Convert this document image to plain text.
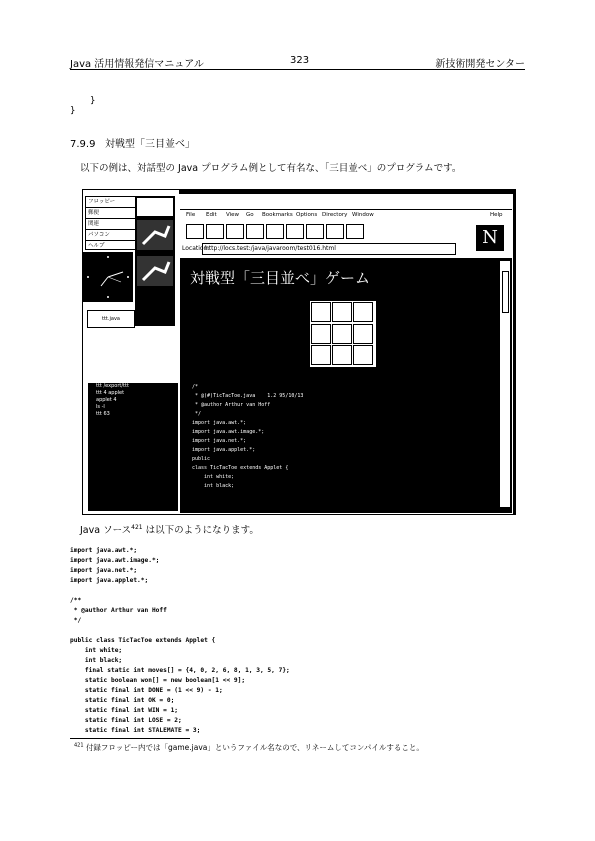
Java 活用情報発信マニュアル	323	新技術開発センター
}
}
7.9.9 対戦型「三目並べ」
以下の例は、対話型の Java プログラム例として有名な、「三目並べ」のプログラムです。
フロッピー
郵便
関連
パソコン
ヘルプ
ttt.java
ttt /export/ttt
ttt 4 applet
applet 4
ls -l
ttt 63
File Edit View Go Bookmarks Options Directory Window	Help
Location:
http://locs.test:/java/javaroom/test016.html
N
対戦型「三目並べ」ゲーム
O X O
O X X
X O
/*
* @(#)TicTacToe.java    1.2 95/10/13
* @author Arthur van Hoff
*/
import java.awt.*;
import java.awt.image.*;
import java.net.*;
import java.applet.*;
public
class TicTacToe extends Applet {
int white;
int black;
Java ソース$^{421}$ は以下のようになります。
import java.awt.*;
import java.awt.image.*;
import java.net.*;
import java.applet.*;
/**
* @author Arthur van Hoff
*/
public class TicTacToe extends Applet {
int white;
int black;
final static int moves[] = {4, 0, 2, 6, 8, 1, 3, 5, 7};
static boolean won[] = new boolean[1 << 9];
static final int DONE = (1 << 9) - 1;
static final int OK = 0;
static final int WIN = 1;
static final int LOSE = 2;
static final int STALEMATE = 3;
$^{421}$ 付録フロッピー内では「game.java」というファイル名なので、リネームしてコンパイルすること。
